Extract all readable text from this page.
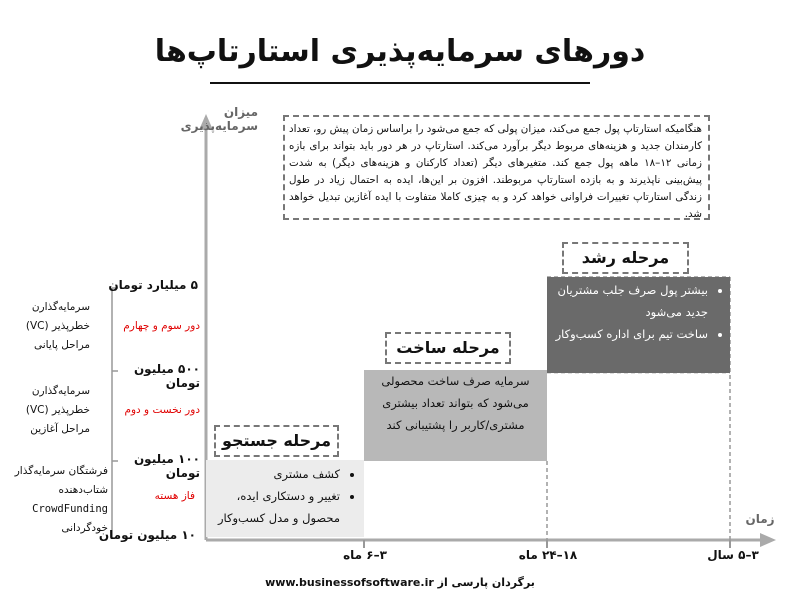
دورهای سرمایه‌پذیری استارتاپ‌ها
میزان سرمایه‌پذیری
زمان
هنگامیکه استارتاپ پول جمع می‌کند، میزان پولی که جمع می‌شود را براساس زمان پیش رو، تعداد کارمندان جدید و هزینه‌های مربوط دیگر برآورد می‌کند. استارتاپ در هر دور باید بتواند برای بازه زمانی ۱۲–۱۸ ماهه پول جمع کند. متغیرهای دیگر (تعداد کارکنان و هزینه‌های دیگر) به شدت پیش‌بینی ناپذیرند و به بازده استارتاپ مربوطند. افزون بر این‌ها، ایده به احتمال زیاد در طول زندگی استارتاپ تغییرات فراوانی خواهد کرد و به چیزی کاملا متفاوت با ایده آغازین تبدیل خواهد شد.
• کشف مشتری
• تغییر و دستکاری ایده، محصول و مدل کسب‌وکار
سرمایه صرف ساخت محصولی می‌شود که بتواند تعداد بیشتری مشتری/کاربر را پشتیبانی کند
• بیشتر پول صرف جلب مشتریان جدید می‌شود
• ساخت تیم برای اداره کسب‌وکار
مرحله جستجو
مرحله ساخت
مرحله رشد
۵ میلیارد تومان
۵۰۰ میلیون تومان
۱۰۰ میلیون تومان
۱۰ میلیون تومان
سرمایه‌گذارن
خطرپذیر (VC)
مراحل پایانی
سرمایه‌گذارن
خطرپذیر (VC)
مراحل آغازین
فرشتگان سرمایه‌گذار
شتاب‌دهنده
CrowdFunding
خودگردانی
دور سوم و چهارم
دور نخست و دوم
فاز هسته
۳–۶ ماه	۱۸–۲۴ ماه	۳–۵ سال
برگردان پارسی از www.businessofsoftware.ir
